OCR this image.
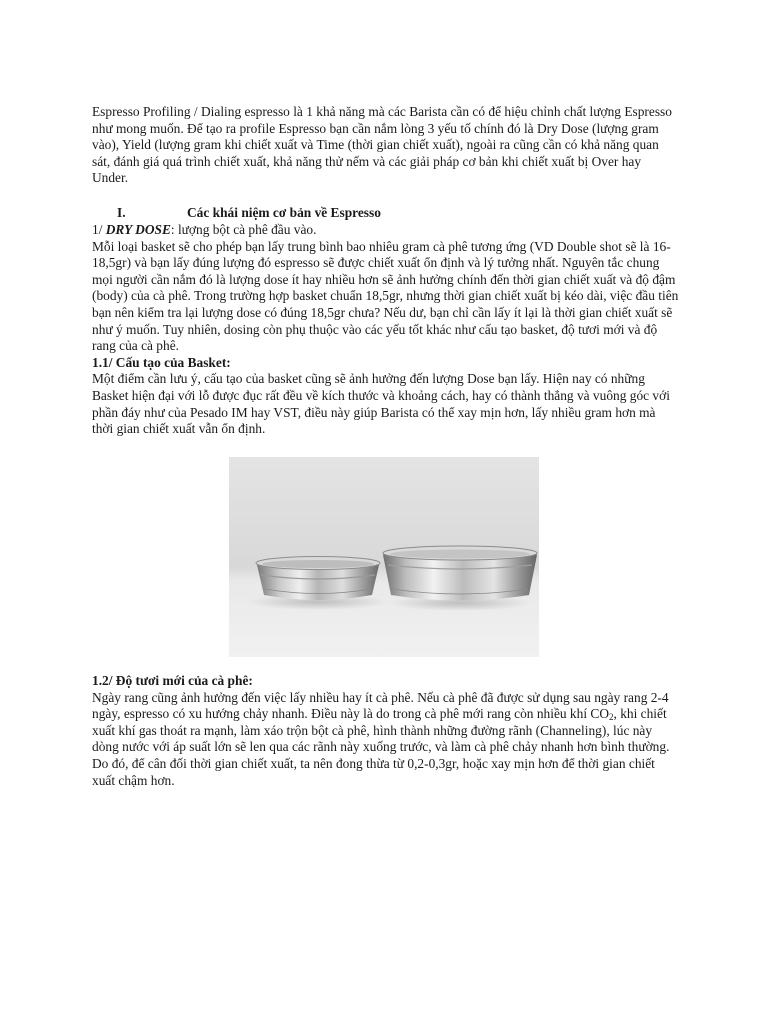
Espresso Profiling / Dialing espresso là 1 khả năng mà các Barista cần có để hiệu chỉnh chất lượng Espresso như mong muốn. Để tạo ra profile Espresso bạn cần nắm lòng 3 yếu tố chính đó là Dry Dose (lượng gram vào), Yield (lượng gram khi chiết xuất và Time (thời gian chiết xuất), ngoài ra cũng cần có khả năng quan sát, đánh giá quá trình chiết xuất, khả năng thử nếm và các giải pháp cơ bản khi chiết xuất bị Over hay Under.
I.	Các khái niệm cơ bản về Espresso
1/ DRY DOSE: lượng bột cà phê đầu vào.
Mỗi loại basket sẽ cho phép bạn lấy trung bình bao nhiêu gram cà phê tương ứng (VD Double shot sẽ là 16-18,5gr) và bạn lấy đúng lượng đó espresso sẽ được chiết xuất ổn định và lý tưởng nhất. Nguyên tắc chung mọi người cần nắm đó là lượng dose ít hay nhiều hơn sẽ ảnh hưởng chính đến thời gian chiết xuất và độ đậm (body) của cà phê. Trong trường hợp basket chuẩn 18,5gr, nhưng thời gian chiết xuất bị kéo dài, việc đầu tiên bạn nên kiểm tra lại lượng dose có đúng 18,5gr chưa? Nếu dư, bạn chỉ cần lấy ít lại là thời gian chiết xuất sẽ như ý muốn. Tuy nhiên, dosing còn phụ thuộc vào các yếu tốt khác như cấu tạo basket, độ tươi mới và độ rang của cà phê.
1.1/ Cấu tạo của Basket:
Một điểm cần lưu ý, cấu tạo của basket cũng sẽ ảnh hưởng đến lượng Dose bạn lấy. Hiện nay có những Basket hiện đại với lỗ được đục rất đều về kích thước và khoảng cách, hay có thành thẳng và vuông góc với phần đáy như của Pesado IM hay VST, điều này giúp Barista có thể xay mịn hơn, lấy nhiều gram hơn mà thời gian chiết xuất vẫn ổn định.
1.2/ Độ tươi mới của cà phê:
Ngày rang cũng ảnh hưởng đến việc lấy nhiều hay ít cà phê. Nếu cà phê đã được sử dụng sau ngày rang 2-4 ngày, espresso có xu hướng chảy nhanh. Điều này là do trong cà phê mới rang còn nhiều khí $CO_2$, khi chiết xuất khí gas thoát ra mạnh, làm xáo trộn bột cà phê, hình thành những đường rãnh (Channeling), lúc này dòng nước với áp suất lớn sẽ len qua các rãnh này xuống trước, và làm cà phê chảy nhanh hơn bình thường. Do đó, để cân đối thời gian chiết xuất, ta nên đong thừa từ 0,2-0,3gr, hoặc xay mịn hơn để thời gian chiết xuất chậm hơn.
